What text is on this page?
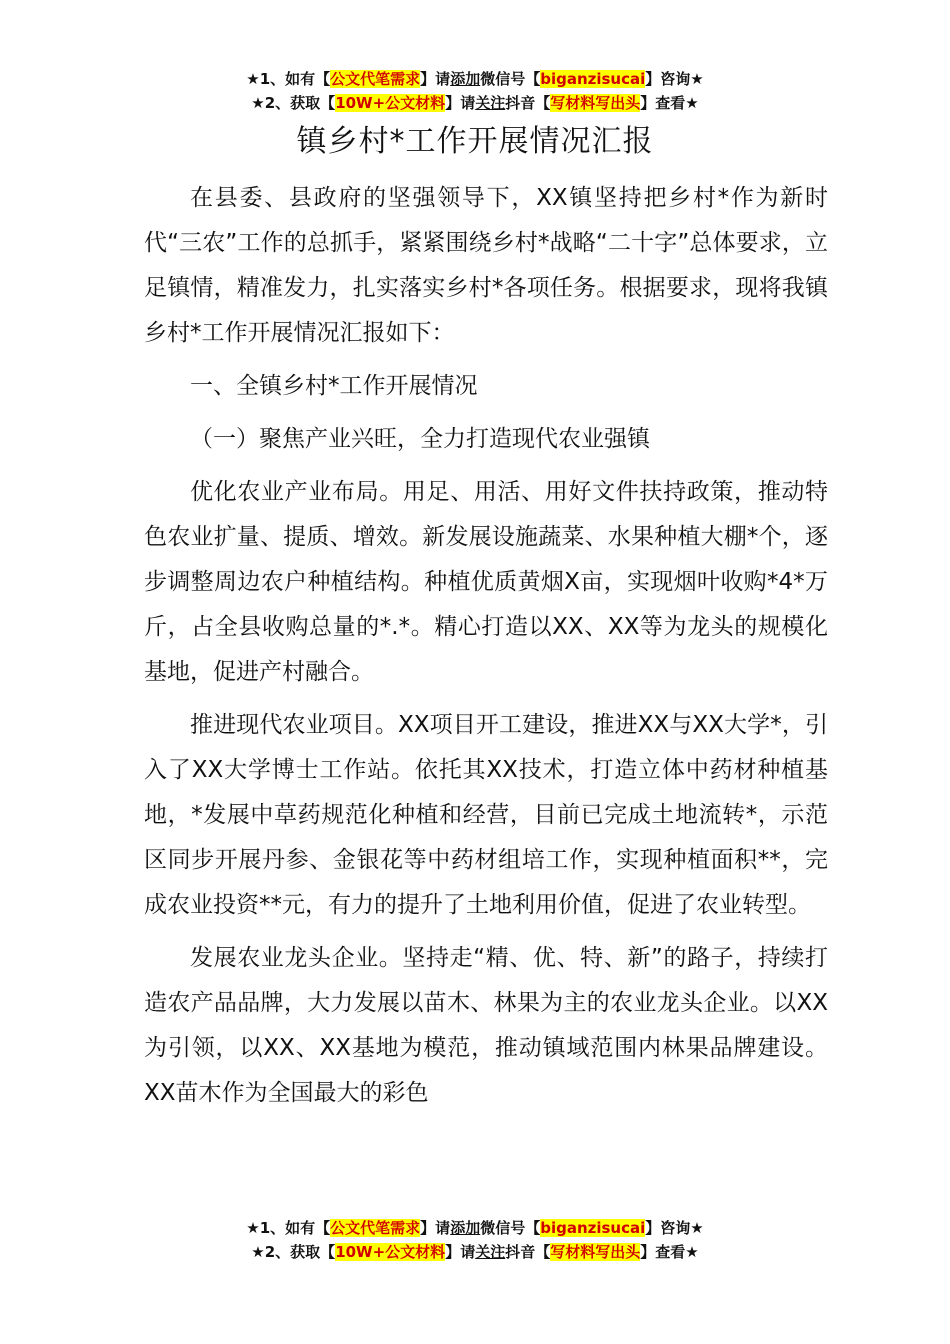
★1、如有【公文代笔需求】请添加微信号【biganzisucai】咨询★
★2、获取【10W+公文材料】请关注抖音【写材料写出头】查看★
镇乡村*工作开展情况汇报

在县委、县政府的坚强领导下，XX镇坚持把乡村*作为新时代“三农”工作的总抓手，紧紧围绕乡村*战略“二十字”总体要求，立足镇情，精准发力，扎实落实乡村*各项任务。根据要求，现将我镇乡村*工作开展情况汇报如下：

一、全镇乡村*工作开展情况

（一）聚焦产业兴旺，全力打造现代农业强镇

优化农业产业布局。用足、用活、用好文件扶持政策，推动特色农业扩量、提质、增效。新发展设施蔬菜、水果种植大棚*个，逐步调整周边农户种植结构。种植优质黄烟X亩，实现烟叶收购*4*万斤，占全县收购总量的*.*。精心打造以XX、XX等为龙头的规模化基地，促进产村融合。

推进现代农业项目。XX项目开工建设，推进XX与XX大学*，引入了XX大学博士工作站。依托其XX技术，打造立体中药材种植基地，*发展中草药规范化种植和经营，目前已完成土地流转*，示范区同步开展丹参、金银花等中药材组培工作，实现种植面积**，完成农业投资**元，有力的提升了土地利用价值，促进了农业转型。

发展农业龙头企业。坚持走“精、优、特、新”的路子，持续打造农产品品牌，大力发展以苗木、林果为主的农业龙头企业。以XX为引领，以XX、XX基地为模范，推动镇域范围内林果品牌建设。XX苗木作为全国最大的彩色

★1、如有【公文代笔需求】请添加微信号【biganzisucai】咨询★
★2、获取【10W+公文材料】请关注抖音【写材料写出头】查看★
